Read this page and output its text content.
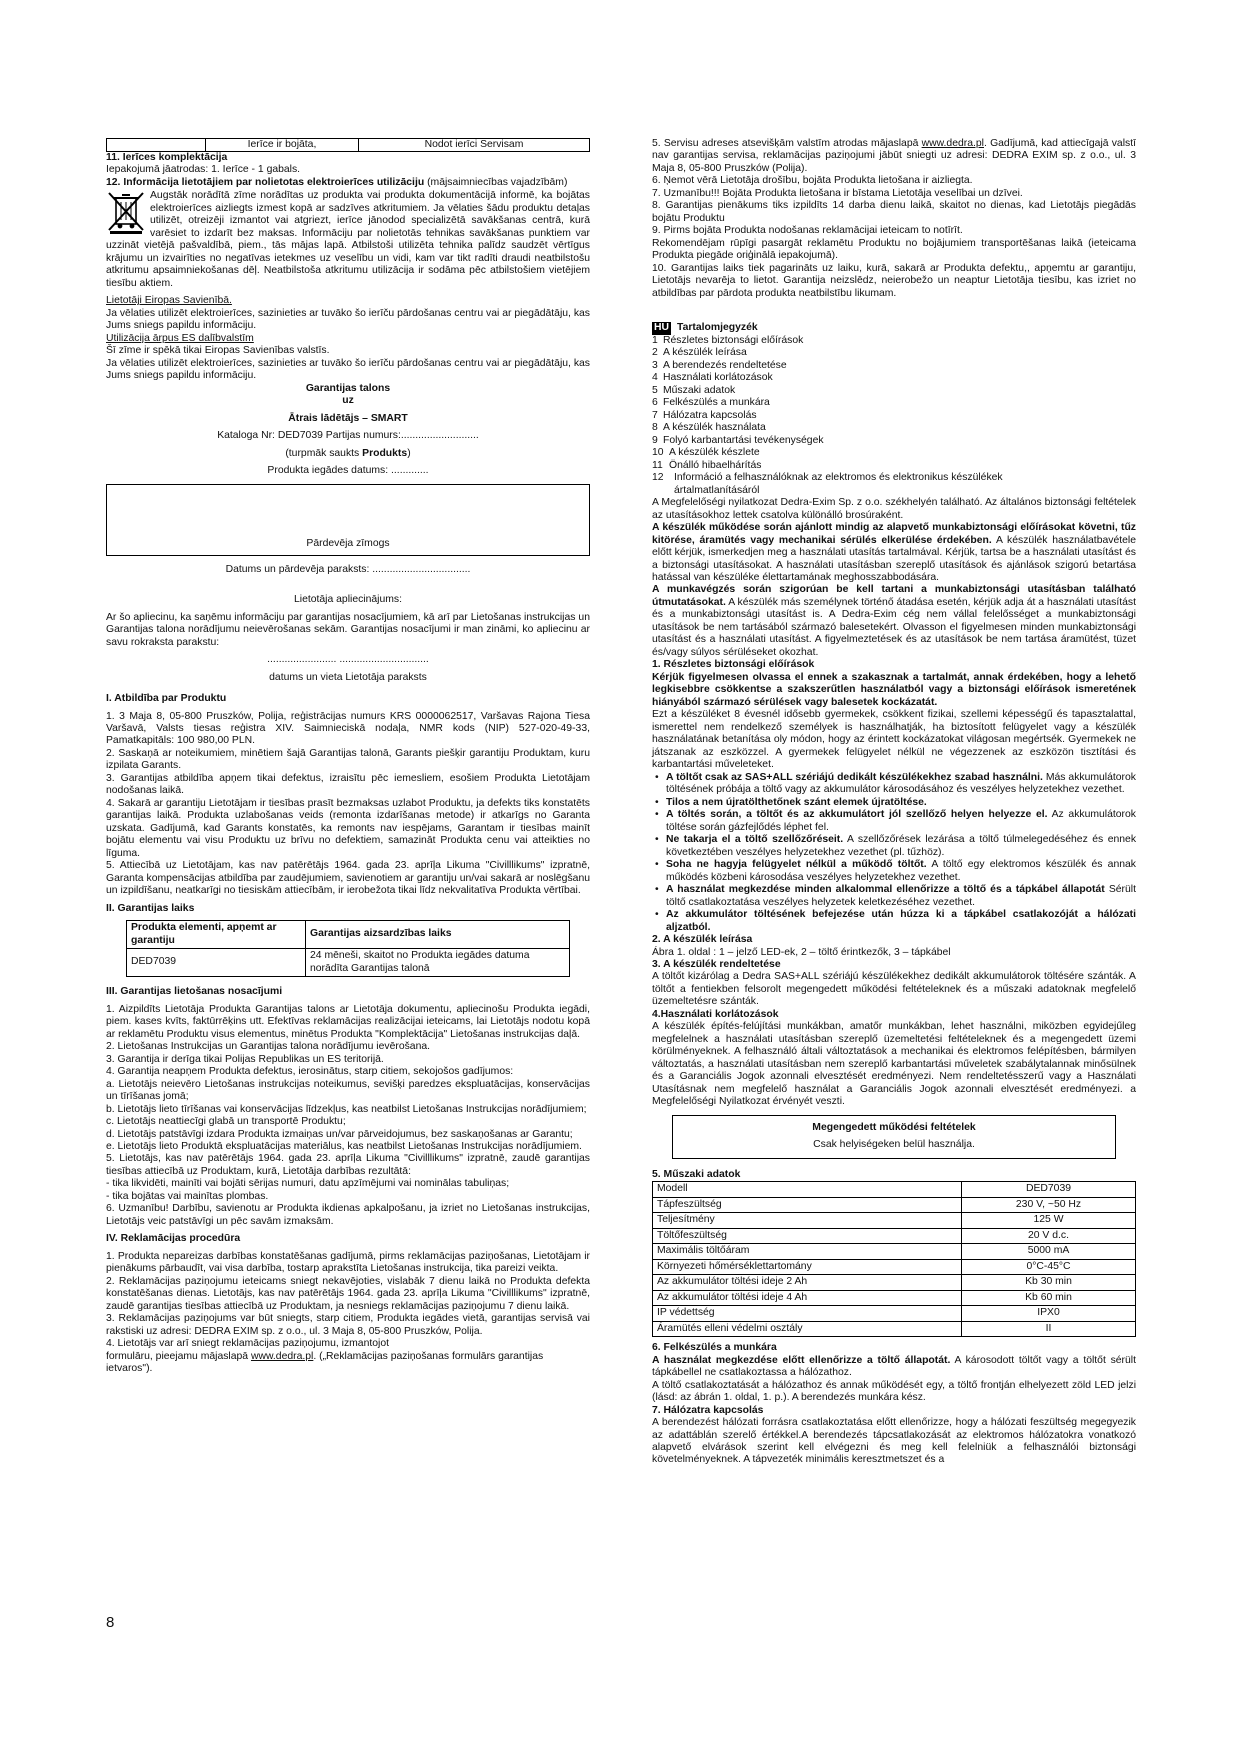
Ierīce ir bojāta,	Nodot ierīci Servisam

11. Ierīces komplektācija

Iepakojumā jāatrodas: 1. Ierīce - 1 gabals.

12. Informācija lietotājiem par nolietotas elektroierīces utilizāciju (mājsaimniecības vajadzībām)

Augstāk norādītā zīme norādītas uz produkta vai produkta dokumentācijā informē, ka bojātas elektroierīces aizliegts izmest kopā ar sadzīves atkritumiem. Ja vēlaties šādu produktu detaļas utilizēt, otreizēji izmantot vai atgriezt, ierīce jānodod specializētā savākšanas centrā, kurā varēsiet to izdarīt bez maksas. Informāciju par nolietotās tehnikas savākšanas punktiem var uzzināt vietējā pašvaldībā, piem., tās mājas lapā. Atbilstoši utilizēta tehnika palīdz saudzēt vērtīgus krājumu un izvairīties no negatīvas ietekmes uz veselību un vidi, kam var tikt radīti draudi neatbilstošu atkritumu apsaimniekošanas dēļ. Neatbilstoša atkritumu utilizācija ir sodāma pēc atbilstošiem vietējiem tiesību aktiem.

Lietotāji Eiropas Savienībā.

Ja vēlaties utilizēt elektroierīces, sazinieties ar tuvāko šo ierīču pārdošanas centru vai ar piegādātāju, kas Jums sniegs papildu informāciju.

Utilizācija ārpus ES dalībvalstīm

Šī zīme ir spēkā tikai Eiropas Savienības valstīs.

Ja vēlaties utilizēt elektroierīces, sazinieties ar tuvāko šo ierīču pārdošanas centru vai ar piegādātāju, kas Jums sniegs papildu informāciju.

Garantijas talons

uz

Ātrais lādētājs – SMART

Kataloga Nr: DED7039 Partijas numurs:...........................

(turpmāk saukts Produkts)

Produkta iegādes datums: .............

Pārdevēja zīmogs

Datums un pārdevēja paraksts: ..................................

Lietotāja apliecinājums:

Ar šo apliecinu, ka saņēmu informāciju par garantijas nosacījumiem, kā arī par Lietošanas instrukcijas un Garantijas talona norādījumu neievērošanas sekām. Garantijas nosacījumi ir man zināmi, ko apliecinu ar savu rokraksta parakstu:

........................ ...............................

datums un vieta Lietotāja paraksts

I. Atbildība par Produktu

1. 3 Maja 8, 05-800 Pruszków, Polija, reģistrācijas numurs KRS 0000062517, Varšavas Rajona Tiesa Varšavā, Valsts tiesas reģistra XIV. Saimnieciskā nodaļa, NMR kods (NIP) 527-020-49-33, Pamatkapitāls: 100 980,00 PLN.

2. Saskaņā ar noteikumiem, minētiem šajā Garantijas talonā, Garants piešķir garantiju Produktam, kuru izpilata Garants.

3. Garantijas atbildība apņem tikai defektus, izraisītu pēc iemesliem, esošiem Produkta Lietotājam nodošanas laikā.

4. Sakarā ar garantiju Lietotājam ir tiesības prasīt bezmaksas uzlabot Produktu, ja defekts tiks konstatēts garantijas laikā. Produkta uzlabošanas veids (remonta izdarīšanas metode) ir atkarīgs no Garanta uzskata. Gadījumā, kad Garants konstatēs, ka remonts nav iespējams, Garantam ir tiesības mainīt bojātu elementu vai visu Produktu uz brīvu no defektiem, samazināt Produkta cenu vai atteikties no līguma.

5. Attiecībā uz Lietotājam, kas nav patērētājs 1964. gada 23. aprīļa Likuma "Civilllikums" izpratnē, Garanta kompensācijas atbildība par zaudējumiem, savienotiem ar garantiju un/vai sakarā ar noslēgšanu un izpildīšanu, neatkarīgi no tiesiskām attiecībām, ir ierobežota tikai līdz nekvalitatīva Produkta vērtībai.

II. Garantijas laiks

Produkta elementi, apņemt ar garantiju	Garantijas aizsardzības laiks
DED7039	24 mēneši, skaitot no Produkta iegādes datuma norādīta Garantijas talonā

III. Garantijas lietošanas nosacījumi

1. Aizpildīts Lietotāja Produkta Garantijas talons ar Lietotāja dokumentu, apliecinošu Produkta iegādi, piem. kases kvīts, faktūrrēķins utt. Efektīvas reklamācijas realizācijai ieteicams, lai Lietotājs nodotu kopā ar reklamētu Produktu visus elementus, minētus Produkta "Komplektācija" Lietošanas instrukcijas daļā.

2. Lietošanas Instrukcijas un Garantijas talona norādījumu ievērošana.

3. Garantija ir derīga tikai Polijas Republikas un ES teritorijā.

4. Garantija neapņem Produkta defektus, ierosinātus, starp citiem, sekojošos gadījumos:

a. Lietotājs neievēro Lietošanas instrukcijas noteikumus, sevišķi paredzes ekspluatācijas, konservācijas un tīrīšanas jomā;

b. Lietotājs lieto tīrīšanas vai konservācijas līdzekļus, kas neatbilst Lietošanas Instrukcijas norādījumiem;

c. Lietotājs neattiecīgi glabā un transportē Produktu;

d. Lietotājs patstāvīgi izdara Produkta izmaiņas un/var pārveidojumus, bez saskaņošanas ar Garantu;

e. Lietotājs lieto Produktā ekspluatācijas materiālus, kas neatbilst Lietošanas Instrukcijas norādījumiem.

5. Lietotājs, kas nav patērētājs 1964. gada 23. aprīļa Likuma "Civilllikums" izpratnē, zaudē garantijas tiesības attiecībā uz Produktam, kurā, Lietotāja darbības rezultātā:

- tika likvidēti, mainīti vai bojāti sērijas numuri, datu apzīmējumi vai nominālas tabuliņas;

- tika bojātas vai mainītas plombas.

6. Uzmanību! Darbību, savienotu ar Produkta ikdienas apkalpošanu, ja izriet no Lietošanas instrukcijas, Lietotājs veic patstāvīgi un pēc savām izmaksām.

IV. Reklamācijas procedūra

1. Produkta nepareizas darbības konstatēšanas gadījumā, pirms reklamācijas paziņošanas, Lietotājam ir pienākums pārbaudīt, vai visa darbība, tostarp aprakstīta Lietošanas instrukcija, tika pareizi veikta.

2. Reklamācijas paziņojumu ieteicams sniegt nekavējoties, vislabāk 7 dienu laikā no Produkta defekta konstatēšanas dienas. Lietotājs, kas nav patērētājs 1964. gada 23. aprīļa Likuma "Civilllikums" izpratnē, zaudē garantijas tiesības attiecībā uz Produktam, ja nesniegs reklamācijas paziņojumu 7 dienu laikā.

3. Reklamācijas paziņojums var būt sniegts, starp citiem, Produkta iegādes vietā, garantijas servisā vai rakstiski uz adresi: DEDRA EXIM sp. z o.o., ul. 3 Maja 8, 05-800 Pruszków, Polija.

4. Lietotājs var arī sniegt reklamācijas paziņojumu, izmantojot

formulāru, pieejamu mājaslapā www.dedra.pl. („Reklamācijas paziņošanas formulārs garantijas ietvaros").

5. Servisu adreses atsevišķām valstīm atrodas mājaslapā www.dedra.pl. Gadījumā, kad attiecīgajā valstī nav garantijas servisa, reklamācijas paziņojumi jābūt sniegti uz adresi: DEDRA EXIM sp. z o.o., ul. 3 Maja 8, 05-800 Pruszków (Polija).

6. Ņemot vērā Lietotāja drošību, bojāta Produkta lietošana ir aizliegta.

7. Uzmanību!!! Bojāta Produkta lietošana ir bīstama Lietotāja veselībai un dzīvei.

8. Garantijas pienākums tiks izpildīts 14 darba dienu laikā, skaitot no dienas, kad Lietotājs piegādās bojātu Produktu

9. Pirms bojāta Produkta nodošanas reklamācijai ieteicam to notīrīt.

Rekomendējam rūpīgi pasargāt reklamētu Produktu no bojājumiem transportēšanas laikā (ieteicama Produkta piegāde oriģinālā iepakojumā).

10. Garantijas laiks tiek pagarināts uz laiku, kurā, sakarā ar Produkta defektu,, apņemtu ar garantiju, Lietotājs nevarēja to lietot. Garantija neizslēdz, neierobežo un neaptur Lietotāja tiesību, kas izriet no atbildības par pārdota produkta neatbilstību likumam.

HU Tartalomjegyzék

1 Részletes biztonsági előírások

2 A készülék leírása

3 A berendezés rendeltetése

4 Használati korlátozások

5 Műszaki adatok

6 Felkészülés a munkára

7 Hálózatra kapcsolás

8 A készülék használata

9 Folyó karbantartási tevékenységek

10 A készülék készlete

11 Önálló hibaelhárítás

12	Információ a felhasználóknak az elektromos és elektronikus készülékek ártalmatlanításáról

A Megfelelőségi nyilatkozat Dedra-Exim Sp. z o.o. székhelyén található. Az általános biztonsági feltételek az utasításokhoz lettek csatolva különálló brosúraként.

A készülék működése során ajánlott mindig az alapvető munkabiztonsági előírásokat követni, tűz kitörése, áramütés vagy mechanikai sérülés elkerülése érdekében. A készülék használatbavétele előtt kérjük, ismerkedjen meg a használati utasítás tartalmával. Kérjük, tartsa be a használati utasítást és a biztonsági utasításokat. A használati utasításban szereplő utasítások és ajánlások szigorú betartása hatással van készüléke élettartamának meghosszabbodására.

A munkavégzés során szigorúan be kell tartani a munkabiztonsági utasításban található útmutatásokat. A készülék más személynek történő átadása esetén, kérjük adja át a használati utasítást és a munkabiztonsági utasítást is. A Dedra-Exim cég nem vállal felelősséget a munkabiztonsági utasítások be nem tartásából származó balesetekért. Olvasson el figyelmesen minden munkabiztonsági utasítást és a használati utasítást. A figyelmeztetések és az utasítások be nem tartása áramütést, tüzet és/vagy súlyos sérüléseket okozhat.

1. Részletes biztonsági előírások

Kérjük figyelmesen olvassa el ennek a szakasznak a tartalmát, annak érdekében, hogy a lehető legkisebbre csökkentse a szakszerűtlen használatból vagy a biztonsági előírások ismeretének hiányából származó sérülések vagy balesetek kockázatát.

Ezt a készüléket 8 évesnél idősebb gyermekek, csökkent fizikai, szellemi képességű és tapasztalattal, ismerettel nem rendelkező személyek is használhatják, ha biztosított felügyelet vagy a készülék használatának betanítása oly módon, hogy az érintett kockázatokat világosan megértsék. Gyermekek ne játszanak az eszközzel. A gyermekek felügyelet nélkül ne végezzenek az eszközön tisztítási és karbantartási műveleteket.

• A töltőt csak az SAS+ALL szériájú dedikált készülékekhez szabad használni. Más akkumulátorok töltésének próbája a töltő vagy az akkumulátor károsodásához és veszélyes helyzetekhez vezethet.

• Tilos a nem újratölthetőnek szánt elemek újratöltése.

• A töltés során, a töltőt és az akkumulátort jól szellőző helyen helyezze el. Az akkumulátorok töltése során gázfejlődés léphet fel.

• Ne takarja el a töltő szellőzőréseit. A szellőzőrések lezárása a töltő túlmelegedéséhez és ennek következtében veszélyes helyzetekhez vezethet (pl. tűzhöz).

• Soha ne hagyja felügyelet nélkül a működő töltőt. A töltő egy elektromos készülék és annak működés közbeni károsodása veszélyes helyzetekhez vezethet.

• A használat megkezdése minden alkalommal ellenőrizze a töltő és a tápkábel állapotát Sérült töltő csatlakoztatása veszélyes helyzetek keletkezéséhez vezethet.

• Az akkumulátor töltésének befejezése után húzza ki a tápkábel csatlakozóját a hálózati aljzatból.

2. A készülék leírása

Ábra 1. oldal : 1 – jelző LED-ek, 2 – töltő érintkezők, 3 – tápkábel

3. A készülék rendeltetése

A töltőt kizárólag a Dedra SAS+ALL szériájú készülékekhez dedikált akkumulátorok töltésére szánták. A töltőt a fentiekben felsorolt megengedett működési feltételeknek és a műszaki adatoknak megfelelő üzemeltetésre szánták.

4.Használati korlátozások

A készülék építés-felújítási munkákban, amatőr munkákban, lehet használni, miközben egyidejűleg megfelelnek a használati utasításban szereplő üzemeltetési feltételeknek és a megengedett üzemi körülményeknek. A felhasználó általi változtatások a mechanikai és elektromos felépítésben, bármilyen változtatás, a használati utasításban nem szereplő karbantartási műveletek szabálytalannak minősülnek és a Garanciális Jogok azonnali elvesztését eredményezi. Nem rendeltetésszerű vagy a Használati Utasításnak nem megfelelő használat a Garanciális Jogok azonnali elvesztését eredményezi. a Megfelelőségi Nyilatkozat érvényét veszti.

Megengedett működési feltételek

Csak helyiségeken belül használja.

5. Műszaki adatok

Modell	DED7039
Tápfeszültség	230 V, ~50 Hz
Teljesítmény	125 W
Töltőfeszültség	20 V d.c.
Maximális töltőáram	5000 mA
Környezeti hőmérséklettartomány	0°C-45°C
Az akkumulátor töltési ideje 2 Ah	Kb 30 min
Az akkumulátor töltési ideje 4 Ah	Kb 60 min
IP védettség	IPX0
Áramütés elleni védelmi osztály	II

6. Felkészülés a munkára

A használat megkezdése előtt ellenőrizze a töltő állapotát. A károsodott töltőt vagy a töltőt sérült tápkábellel ne csatlakoztassa a hálózathoz.

A töltő csatlakoztatását a hálózathoz és annak működését egy, a töltő frontján elhelyezett zöld LED jelzi (lásd: az ábrán 1. oldal, 1. p.). A berendezés munkára kész.

7. Hálózatra kapcsolás

A berendezést hálózati forrásra csatlakoztatása előtt ellenőrizze, hogy a hálózati feszültség megegyezik az adattáblán szerelő értékkel.A berendezés tápcsatlakozását az elektromos hálózatokra vonatkozó alapvető elvárások szerint kell elvégezni és meg kell felelniük a felhasználói biztonsági követelményeknek. A tápvezeték minimális keresztmetszet és a

8
